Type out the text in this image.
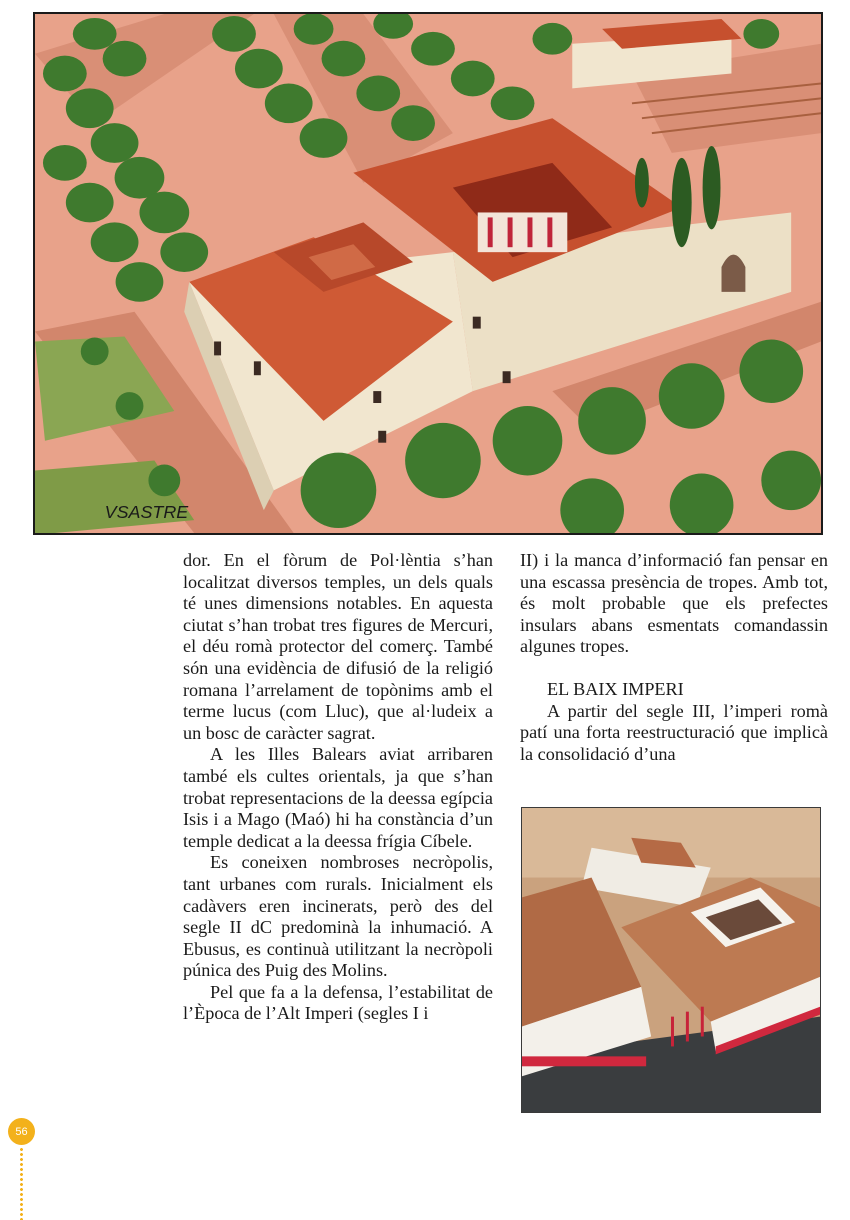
VSASTRE

dor. En el fòrum de Pol·lèntia s’han localitzat diversos temples, un dels quals té unes dimensions notables. En aquesta ciutat s’han trobat tres figures de Mercuri, el déu romà protector del comerç. També són una evidència de difusió de la religió romana l’arrelament de topònims amb el terme lucus (com Lluc), que al·ludeix a un bosc de caràcter sagrat.

A les Illes Balears aviat arribaren també els cultes orientals, ja que s’han trobat representacions de la deessa egípcia Isis i a Mago (Maó) hi ha constància d’un temple dedicat a la deessa frígia Cíbele.

Es coneixen nombroses necròpolis, tant urbanes com rurals. Inicialment els cadàvers eren incinerats, però des del segle II dC predominà la inhumació. A Ebusus, es continuà utilitzant la necròpoli púnica des Puig des Molins.

Pel que fa a la defensa, l’estabilitat de l’Època de l’Alt Imperi (segles I i

II) i la manca d’informació fan pensar en una escassa presència de tropes. Amb tot, és molt probable que els prefectes insulars abans esmentats comandassin algunes tropes.

EL BAIX IMPERI

A partir del segle III, l’imperi romà patí una forta reestructuració que implicà la consolidació d’una

56
